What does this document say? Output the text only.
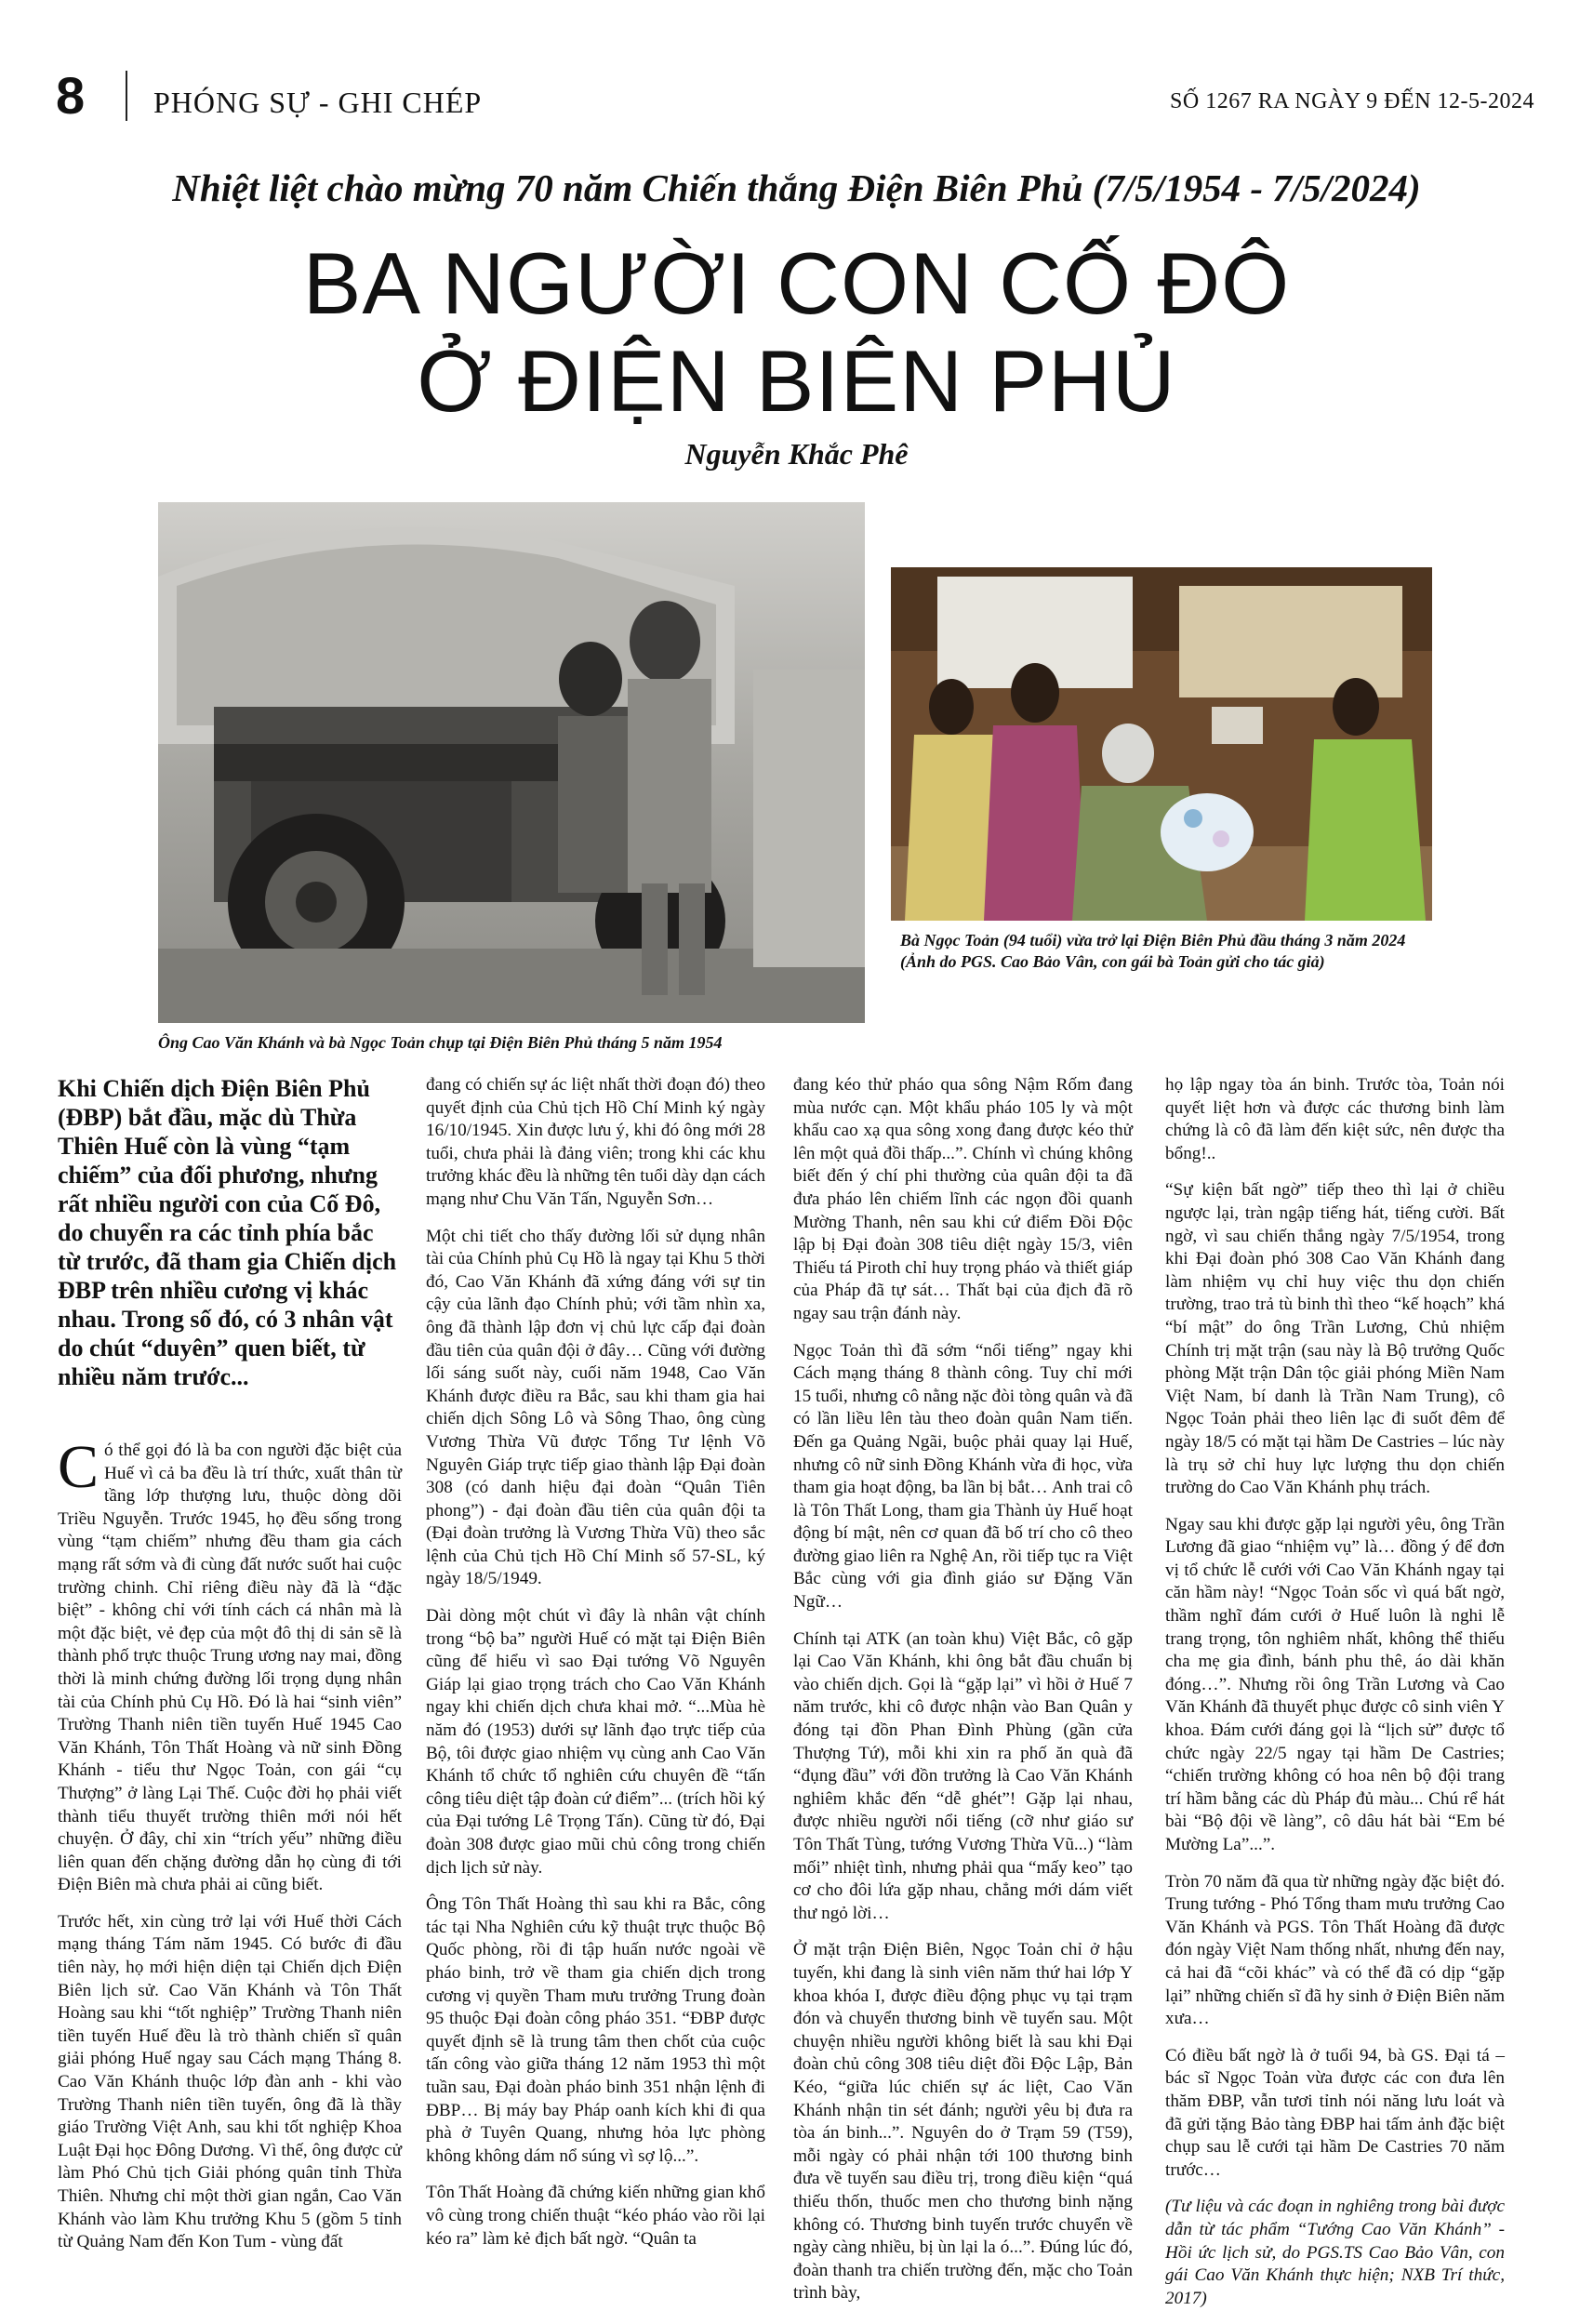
8 PHÓNG SỰ - GHI CHÉP	SỐ 1267 RA NGÀY 9 ĐẾN 12-5-2024
Nhiệt liệt chào mừng 70 năm Chiến thắng Điện Biên Phủ (7/5/1954 - 7/5/2024)
BA NGƯỜI CON CỐ ĐÔ
Ở ĐIỆN BIÊN PHỦ
Nguyễn Khắc Phê
Ông Cao Văn Khánh và bà Ngọc Toản chụp tại Điện Biên Phủ tháng 5 năm 1954
Bà Ngọc Toản (94 tuổi) vừa trở lại Điện Biên Phủ đầu tháng 3 năm 2024 (Ảnh do PGS. Cao Bảo Vân, con gái bà Toản gửi cho tác giả)

Khi Chiến dịch Điện Biên Phủ (ĐBP) bắt đầu, mặc dù Thừa Thiên Huế còn là vùng “tạm chiếm” của đối phương, nhưng rất nhiều người con của Cố Đô, do chuyển ra các tỉnh phía bắc từ trước, đã tham gia Chiến dịch ĐBP trên nhiều cương vị khác nhau. Trong số đó, có 3 nhân vật do chút “duyên” quen biết, từ nhiều năm trước...

Có thể gọi đó là ba con người đặc biệt của Huế vì cả ba đều là trí thức, xuất thân từ tầng lớp thượng lưu, thuộc dòng dõi Triều Nguyễn. Trước 1945, họ đều sống trong vùng “tạm chiếm” nhưng đều tham gia cách mạng rất sớm và đi cùng đất nước suốt hai cuộc trường chinh. Chỉ riêng điều này đã là “đặc biệt” - không chỉ với tính cách cá nhân mà là một đặc biệt, vẻ đẹp của một đô thị di sản sẽ là thành phố trực thuộc Trung ương nay mai, đồng thời là minh chứng đường lối trọng dụng nhân tài của Chính phủ Cụ Hồ. Đó là hai “sinh viên” Trường Thanh niên tiền tuyến Huế 1945 Cao Văn Khánh, Tôn Thất Hoàng và nữ sinh Đồng Khánh - tiểu thư Ngọc Toản, con gái “cụ Thượng” ở làng Lại Thế. Cuộc đời họ phải viết thành tiểu thuyết trường thiên mới nói hết chuyện. Ở đây, chỉ xin “trích yếu” những điều liên quan đến chặng đường dẫn họ cùng đi tới Điện Biên mà chưa phải ai cũng biết.

Trước hết, xin cùng trở lại với Huế thời Cách mạng tháng Tám năm 1945. Có bước đi đầu tiên này, họ mới hiện diện tại Chiến dịch Điện Biên lịch sử. Cao Văn Khánh và Tôn Thất Hoàng sau khi “tốt nghiệp” Trường Thanh niên tiền tuyến Huế đều là trò thành chiến sĩ quân giải phóng Huế ngay sau Cách mạng Tháng 8. Cao Văn Khánh thuộc lớp đàn anh - khi vào Trường Thanh niên tiền tuyến, ông đã là thầy giáo Trường Việt Anh, sau khi tốt nghiệp Khoa Luật Đại học Đông Dương. Vì thế, ông được cử làm Phó Chủ tịch Giải phóng quân tỉnh Thừa Thiên. Nhưng chỉ một thời gian ngắn, Cao Văn Khánh vào làm Khu trưởng Khu 5 (gồm 5 tỉnh từ Quảng Nam đến Kon Tum - vùng đất

đang có chiến sự ác liệt nhất thời đoạn đó) theo quyết định của Chủ tịch Hồ Chí Minh ký ngày 16/10/1945. Xin được lưu ý, khi đó ông mới 28 tuổi, chưa phải là đảng viên; trong khi các khu trưởng khác đều là những tên tuổi dày dạn cách mạng như Chu Văn Tấn, Nguyễn Sơn…

Một chi tiết cho thấy đường lối sử dụng nhân tài của Chính phủ Cụ Hồ là ngay tại Khu 5 thời đó, Cao Văn Khánh đã xứng đáng với sự tin cậy của lãnh đạo Chính phủ; với tầm nhìn xa, ông đã thành lập đơn vị chủ lực cấp đại đoàn đầu tiên của quân đội ở đây… Cũng với đường lối sáng suốt này, cuối năm 1948, Cao Văn Khánh được điều ra Bắc, sau khi tham gia hai chiến dịch Sông Lô và Sông Thao, ông cùng Vương Thừa Vũ được Tổng Tư lệnh Võ Nguyên Giáp trực tiếp giao thành lập Đại đoàn 308 (có danh hiệu đại đoàn “Quân Tiên phong”) - đại đoàn đầu tiên của quân đội ta (Đại đoàn trưởng là Vương Thừa Vũ) theo sắc lệnh của Chủ tịch Hồ Chí Minh số 57-SL, ký ngày 18/5/1949.

Dài dòng một chút vì đây là nhân vật chính trong “bộ ba” người Huế có mặt tại Điện Biên cũng để hiểu vì sao Đại tướng Võ Nguyên Giáp lại giao trọng trách cho Cao Văn Khánh ngay khi chiến dịch chưa khai mở. “...Mùa hè năm đó (1953) dưới sự lãnh đạo trực tiếp của Bộ, tôi được giao nhiệm vụ cùng anh Cao Văn Khánh tổ chức tổ nghiên cứu chuyên đề “tấn công tiêu diệt tập đoàn cứ điểm”... (trích hồi ký của Đại tướng Lê Trọng Tấn). Cũng từ đó, Đại đoàn 308 được giao mũi chủ công trong chiến dịch lịch sử này.

Ông Tôn Thất Hoàng thì sau khi ra Bắc, công tác tại Nha Nghiên cứu kỹ thuật trực thuộc Bộ Quốc phòng, rồi đi tập huấn nước ngoài về pháo binh, trở về tham gia chiến dịch trong cương vị quyền Tham mưu trưởng Trung đoàn 95 thuộc Đại đoàn công pháo 351. “ĐBP được quyết định sẽ là trung tâm then chốt của cuộc tấn công vào giữa tháng 12 năm 1953 thì một tuần sau, Đại đoàn pháo binh 351 nhận lệnh đi ĐBP… Bị máy bay Pháp oanh kích khi đi qua phà ở Tuyên Quang, nhưng hỏa lực phòng không không dám nổ súng vì sợ lộ...”.

Tôn Thất Hoàng đã chứng kiến những gian khổ vô cùng trong chiến thuật “kéo pháo vào rồi lại kéo ra” làm kẻ địch bất ngờ. “Quân ta

đang kéo thử pháo qua sông Nậm Rốm đang mùa nước cạn. Một khẩu pháo 105 ly và một khẩu cao xạ qua sông xong đang được kéo thử lên một quả đồi thấp...”. Chính vì chúng không biết đến ý chí phi thường của quân đội ta đã đưa pháo lên chiếm lĩnh các ngọn đồi quanh Mường Thanh, nên sau khi cứ điểm Đồi Độc lập bị Đại đoàn 308 tiêu diệt ngày 15/3, viên Thiếu tá Piroth chỉ huy trọng pháo và thiết giáp của Pháp đã tự sát… Thất bại của địch đã rõ ngay sau trận đánh này.

Ngọc Toản thì đã sớm “nổi tiếng” ngay khi Cách mạng tháng 8 thành công. Tuy chỉ mới 15 tuổi, nhưng cô nằng nặc đòi tòng quân và đã có lần liều lên tàu theo đoàn quân Nam tiến. Đến ga Quảng Ngãi, buộc phải quay lại Huế, nhưng cô nữ sinh Đồng Khánh vừa đi học, vừa tham gia hoạt động, ba lần bị bắt… Anh trai cô là Tôn Thất Long, tham gia Thành ủy Huế hoạt động bí mật, nên cơ quan đã bố trí cho cô theo đường giao liên ra Nghệ An, rồi tiếp tục ra Việt Bắc cùng với gia đình giáo sư Đặng Văn Ngữ…

Chính tại ATK (an toàn khu) Việt Bắc, cô gặp lại Cao Văn Khánh, khi ông bắt đầu chuẩn bị vào chiến dịch. Gọi là “gặp lại” vì hồi ở Huế 7 năm trước, khi cô được nhận vào Ban Quân y đóng tại đồn Phan Đình Phùng (gần cửa Thượng Tứ), mỗi khi xin ra phố ăn quà đã “đụng đầu” với đồn trưởng là Cao Văn Khánh nghiêm khắc đến “dễ ghét”! Gặp lại nhau, được nhiều người nổi tiếng (cỡ như giáo sư Tôn Thất Tùng, tướng Vương Thừa Vũ...) “làm mối” nhiệt tình, nhưng phải qua “mấy keo” tạo cơ cho đôi lứa gặp nhau, chẳng mới dám viết thư ngỏ lời…

Ở mặt trận Điện Biên, Ngọc Toản chỉ ở hậu tuyến, khi đang là sinh viên năm thứ hai lớp Y khoa khóa I, được điều động phục vụ tại trạm đón và chuyển thương binh về tuyến sau. Một chuyện nhiều người không biết là sau khi Đại đoàn chủ công 308 tiêu diệt đồi Độc Lập, Bản Kéo, “giữa lúc chiến sự ác liệt, Cao Văn Khánh nhận tin sét đánh; người yêu bị đưa ra tòa án binh...”. Nguyên do ở Trạm 59 (T59), mỗi ngày có phải nhận tới 100 thương binh đưa về tuyến sau điều trị, trong điều kiện “quá thiếu thốn, thuốc men cho thương binh nặng không có. Thương binh tuyến trước chuyển về ngày càng nhiều, bị ùn lại la ó...”. Đúng lúc đó, đoàn thanh tra chiến trường đến, mặc cho Toản trình bày,

họ lập ngay tòa án binh. Trước tòa, Toản nói quyết liệt hơn và được các thương binh làm chứng là cô đã làm đến kiệt sức, nên được tha bổng!..

“Sự kiện bất ngờ” tiếp theo thì lại ở chiều ngược lại, tràn ngập tiếng hát, tiếng cười. Bất ngờ, vì sau chiến thắng ngày 7/5/1954, trong khi Đại đoàn phó 308 Cao Văn Khánh đang làm nhiệm vụ chỉ huy việc thu dọn chiến trường, trao trả tù binh thì theo “kế hoạch” khá “bí mật” do ông Trần Lương, Chủ nhiệm Chính trị mặt trận (sau này là Bộ trưởng Quốc phòng Mặt trận Dân tộc giải phóng Miền Nam Việt Nam, bí danh là Trần Nam Trung), cô Ngọc Toản phải theo liên lạc đi suốt đêm để ngày 18/5 có mặt tại hầm De Castries – lúc này là trụ sở chỉ huy lực lượng thu dọn chiến trường do Cao Văn Khánh phụ trách.

Ngay sau khi được gặp lại người yêu, ông Trần Lương đã giao “nhiệm vụ” là… đồng ý để đơn vị tổ chức lễ cưới với Cao Văn Khánh ngay tại căn hầm này! “Ngọc Toản sốc vì quá bất ngờ, thầm nghĩ đám cưới ở Huế luôn là nghi lễ trang trọng, tôn nghiêm nhất, không thể thiếu cha mẹ gia đình, bánh phu thê, áo dài khăn đóng…”. Nhưng rồi ông Trần Lương và Cao Văn Khánh đã thuyết phục được cô sinh viên Y khoa. Đám cưới đáng gọi là “lịch sử” được tổ chức ngày 22/5 ngay tại hầm De Castries; “chiến trường không có hoa nên bộ đội trang trí hầm bằng các dù Pháp đủ màu... Chú rể hát bài “Bộ đội về làng”, cô dâu hát bài “Em bé Mường La”...”.

Tròn 70 năm đã qua từ những ngày đặc biệt đó. Trung tướng - Phó Tổng tham mưu trưởng Cao Văn Khánh và PGS. Tôn Thất Hoàng đã được đón ngày Việt Nam thống nhất, nhưng đến nay, cả hai đã “cõi khác” và có thể đã có dịp “gặp lại” những chiến sĩ đã hy sinh ở Điện Biên năm xưa…

Có điều bất ngờ là ở tuổi 94, bà GS. Đại tá – bác sĩ Ngọc Toản vừa được các con đưa lên thăm ĐBP, vẫn tươi tỉnh nói năng lưu loát và đã gửi tặng Bảo tàng ĐBP hai tấm ảnh đặc biệt chụp sau lễ cưới tại hầm De Castries 70 năm trước…

(Tư liệu và các đoạn in nghiêng trong bài được dẫn từ tác phẩm “Tướng Cao Văn Khánh” - Hồi ức lịch sử, do PGS.TS Cao Bảo Vân, con gái Cao Văn Khánh thực hiện; NXB Trí thức, 2017)
